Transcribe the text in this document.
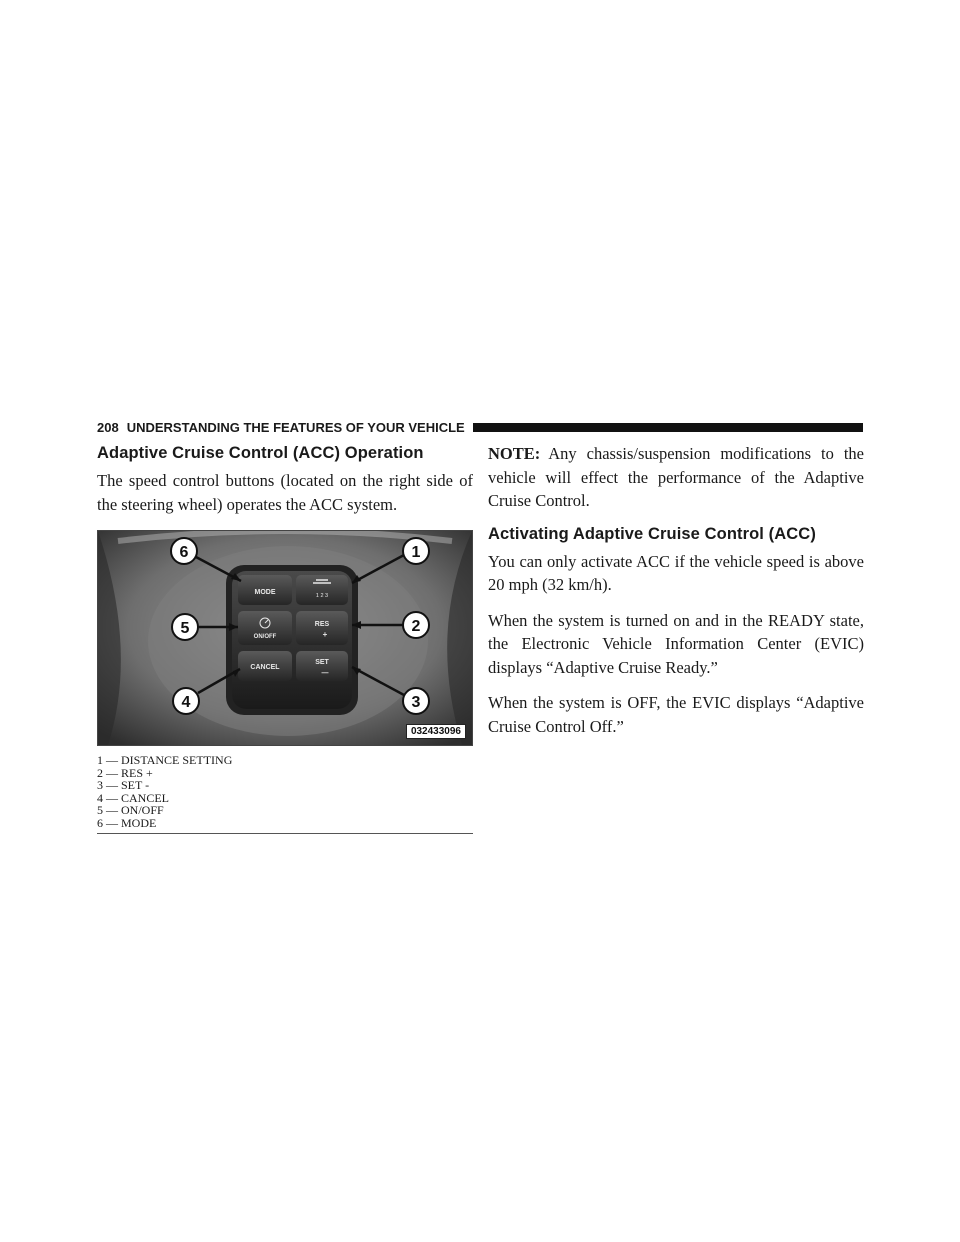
208 UNDERSTANDING THE FEATURES OF YOUR VEHICLE
Adaptive Cruise Control (ACC) Operation

The speed control buttons (located on the right side of the steering wheel) operates the ACC system.

MODE	1 2 3
ON/OFF
RES
+
CANCEL
SET
—
6	1
5	2
4	3
032433096
1 — DISTANCE SETTING
2 — RES +
3 — SET -
4 — CANCEL
5 — ON/OFF
6 — MODE

NOTE: Any chassis/suspension modifications to the vehicle will effect the performance of the Adaptive Cruise Control.

Activating Adaptive Cruise Control (ACC)

You can only activate ACC if the vehicle speed is above 20 mph (32 km/h).

When the system is turned on and in the READY state, the Electronic Vehicle Information Center (EVIC) displays “Adaptive Cruise Ready.”

When the system is OFF, the EVIC displays “Adaptive Cruise Control Off.”
